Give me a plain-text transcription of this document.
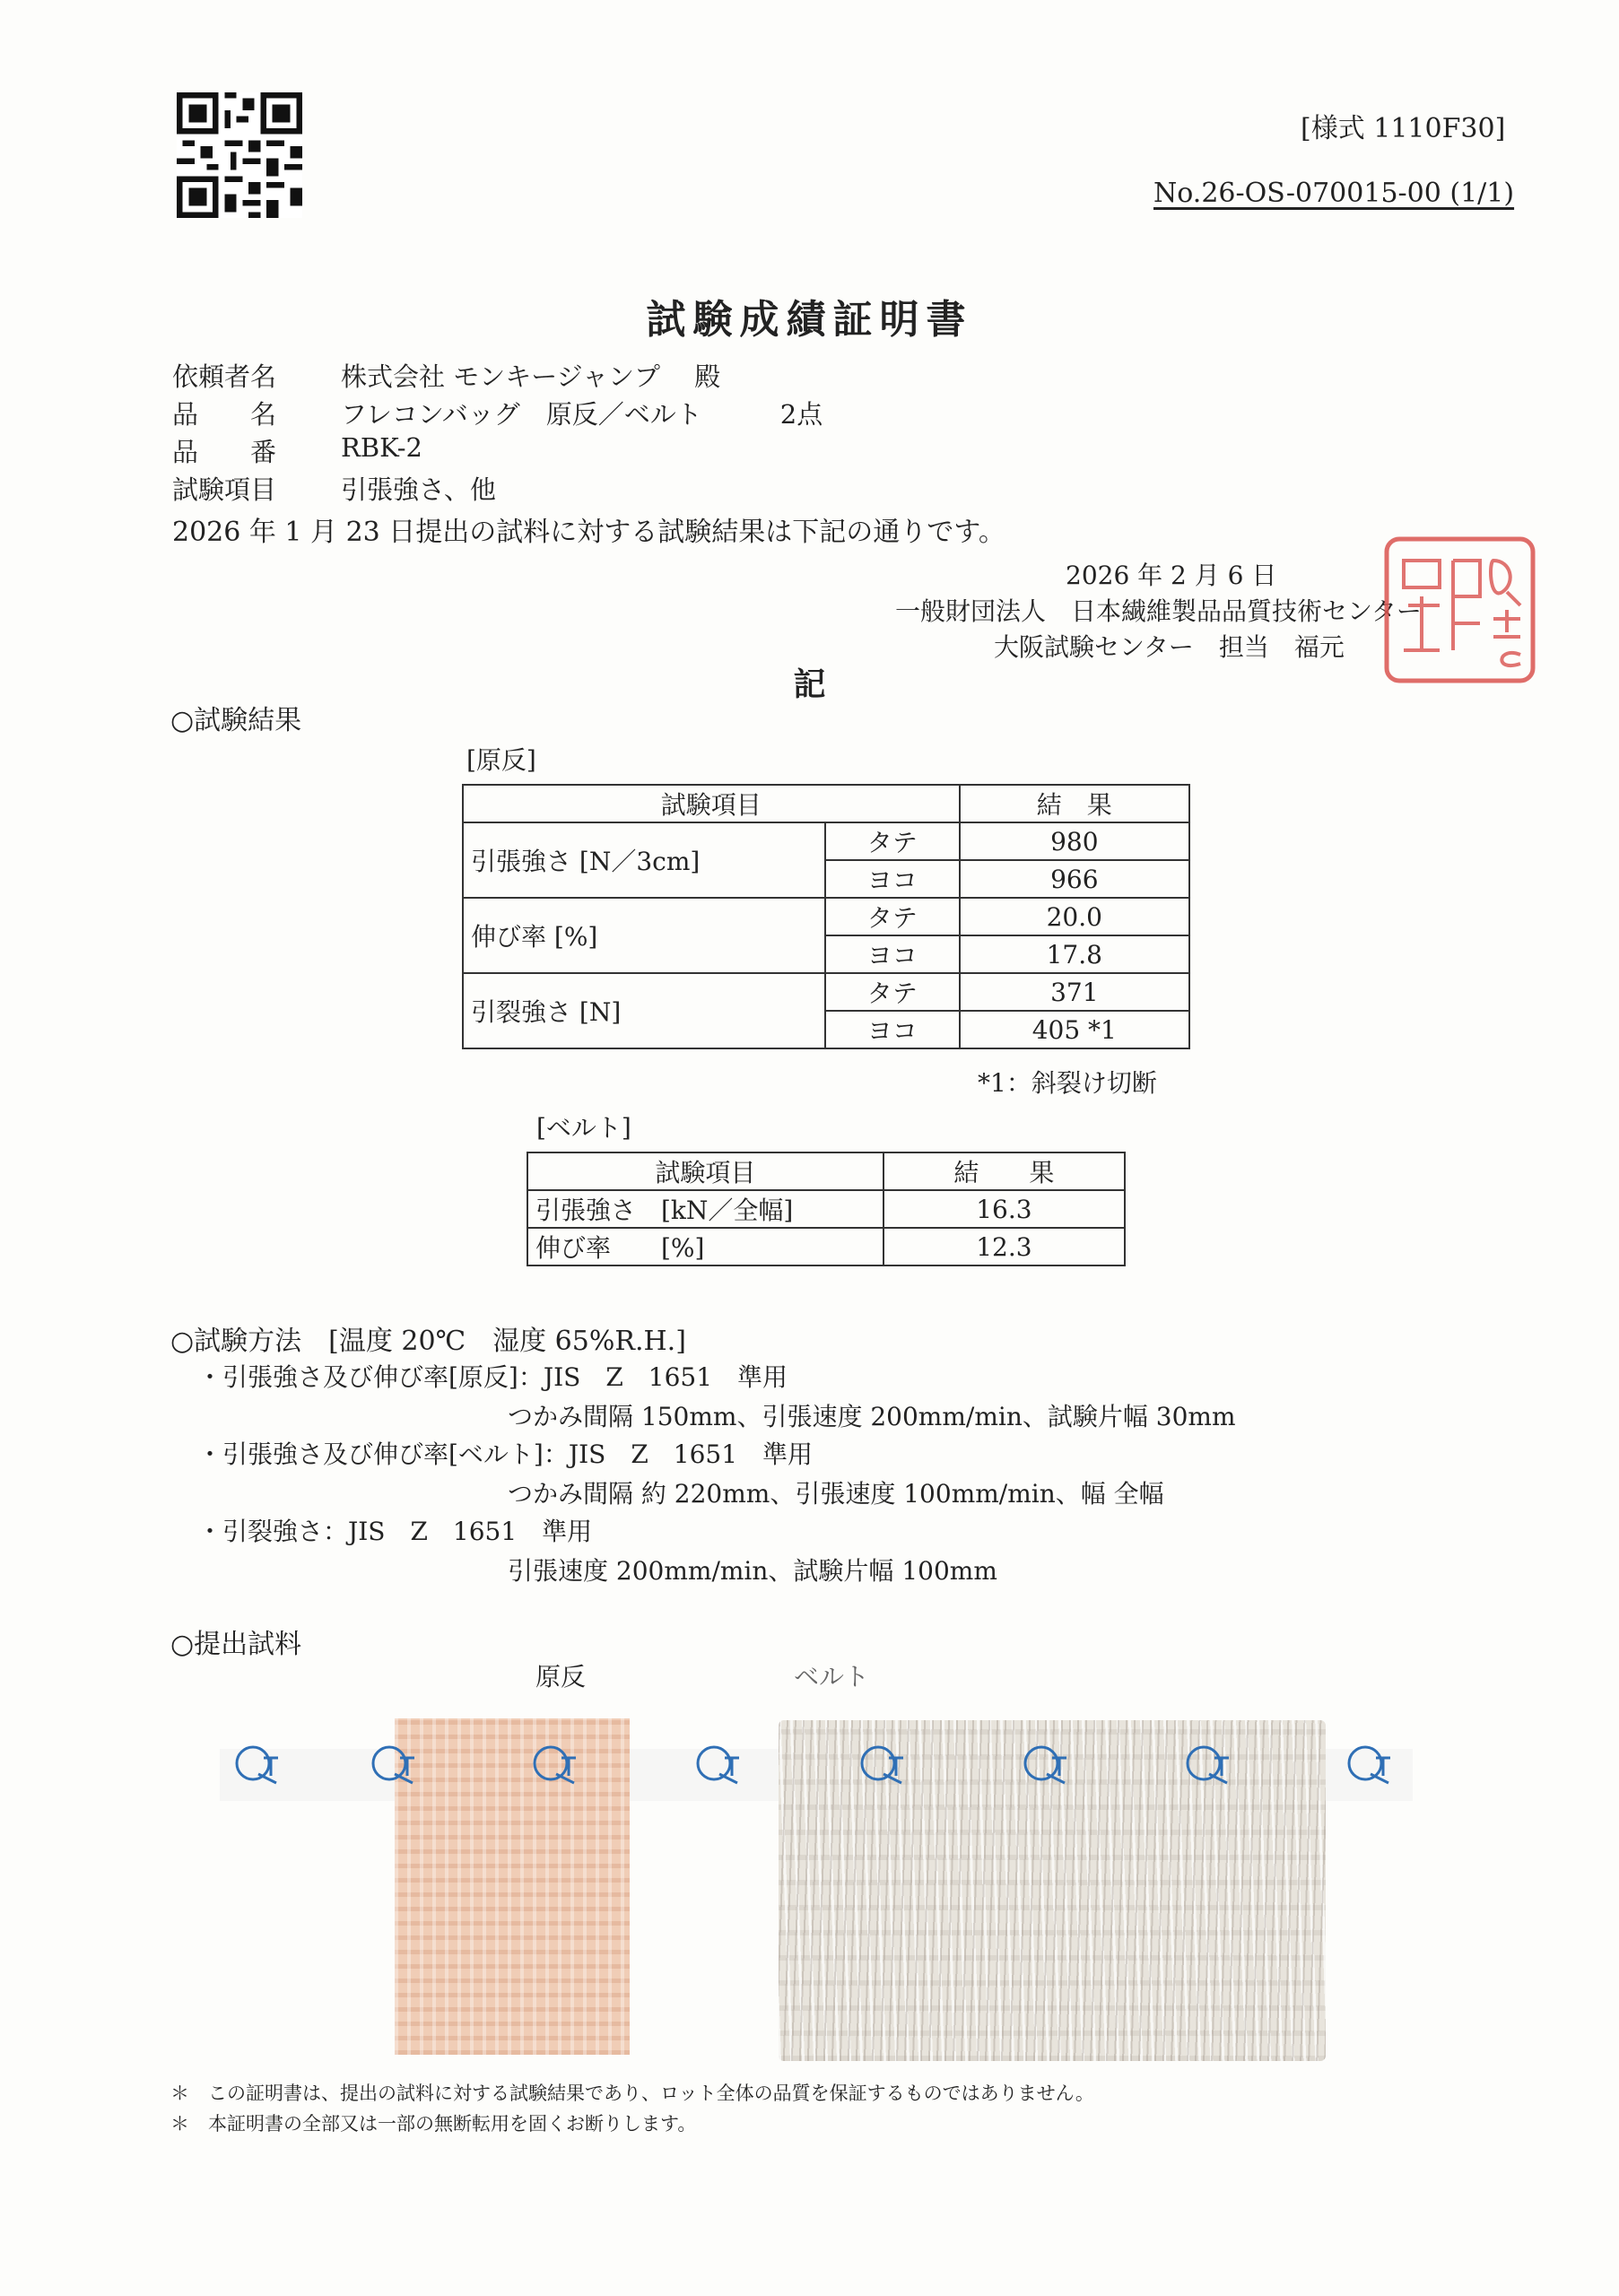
[様式 1110F30]
No.26-OS-070015-00 (1/1)
試験成績証明書
依頼者名 株式会社 モンキージャンプ　 殿
品　　名 フレコンバッグ　原反／ベルト　　　2点
品　　番 RBK-2
試験項目 引張強さ、他
2026 年 1 月 23 日提出の試料に対する試験結果は下記の通りです。
2026 年 2 月 6 日
一般財団法人　日本繊維製品品質技術センター
大阪試験センター　担当　福元
記
○試験結果
[原反]
試験項目		結　果
引張強さ [N／3cm]	タテ	980
	ヨコ	966
伸び率 [%]	タテ	20.0
	ヨコ	17.8
引裂強さ [N]	タテ	371
	ヨコ	405 *1
*1：斜裂け切断
[ベルト]
試験項目	結　　果
引張強さ　[kN／全幅]	16.3
伸び率　　[%]	12.3
○試験方法　[温度 20℃　湿度 65%R.H.]
・引張強さ及び伸び率[原反]：JIS　Z　1651　準用
つかみ間隔 150mm、引張速度 200mm/min、試験片幅 30mm
・引張強さ及び伸び率[ベルト]：JIS　Z　1651　準用
つかみ間隔 約 220mm、引張速度 100mm/min、幅 全幅
・引裂強さ：JIS　Z　1651　準用
引張速度 200mm/min、試験片幅 100mm
○提出試料
原反	ベルト
＊　この証明書は、提出の試料に対する試験結果であり、ロット全体の品質を保証するものではありません。
＊　本証明書の全部又は一部の無断転用を固くお断りします。
